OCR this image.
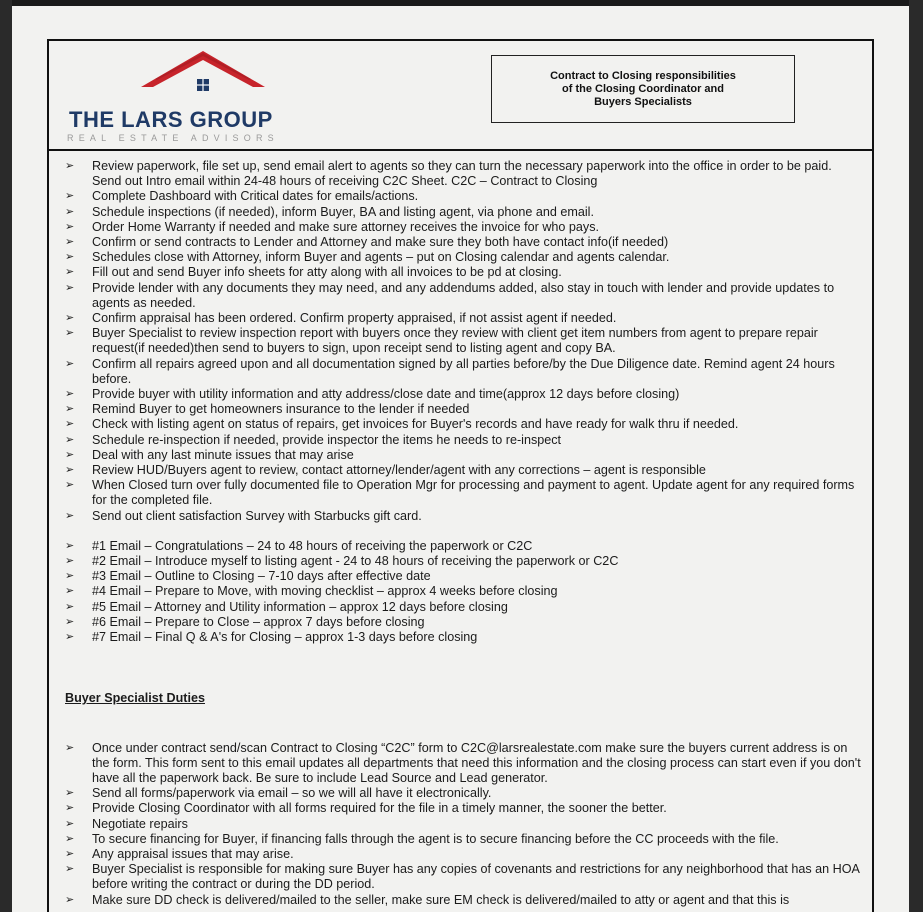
THE LARS GROUP
REAL ESTATE ADVISORS
Contract to Closing responsibilities
of the Closing Coordinator and
Buyers Specialists
➢ Review paperwork, file set up, send email alert to agents so they can turn the necessary paperwork into the office in order to be paid. Send out Intro email within 24-48 hours of receiving C2C Sheet. C2C – Contract to Closing
➢ Complete Dashboard with Critical dates for emails/actions.
➢ Schedule inspections (if needed), inform Buyer, BA and listing agent, via phone and email.
➢ Order Home Warranty if needed and make sure attorney receives the invoice for who pays.
➢ Confirm or send contracts to Lender and Attorney and make sure they both have contact info(if needed)
➢ Schedules close with Attorney, inform Buyer and agents – put on Closing calendar and agents calendar.
➢ Fill out and send Buyer info sheets for atty along with all invoices to be pd at closing.
➢ Provide lender with any documents they may need, and any addendums added, also stay in touch with lender and provide updates to agents as needed.
➢ Confirm appraisal has been ordered. Confirm property appraised, if not assist agent if needed.
➢ Buyer Specialist to review inspection report with buyers once they review with client get item numbers from agent to prepare repair request(if needed)then send to buyers to sign, upon receipt send to listing agent and copy BA.
➢ Confirm all repairs agreed upon and all documentation signed by all parties before/by the Due Diligence date. Remind agent 24 hours before.
➢ Provide buyer with utility information and atty address/close date and time(approx 12 days before closing)
➢ Remind Buyer to get homeowners insurance to the lender if needed
➢ Check with listing agent on status of repairs, get invoices for Buyer's records and have ready for walk thru if needed.
➢ Schedule re-inspection if needed, provide inspector the items he needs to re-inspect
➢ Deal with any last minute issues that may arise
➢ Review HUD/Buyers agent to review, contact attorney/lender/agent with any corrections – agent is responsible
➢ When Closed turn over fully documented file to Operation Mgr for processing and payment to agent. Update agent for any required forms for the completed file.
➢ Send out client satisfaction Survey with Starbucks gift card.
➢ #1 Email – Congratulations – 24 to 48 hours of receiving the paperwork or C2C
➢ #2 Email – Introduce myself to listing agent - 24 to 48 hours of receiving the paperwork or C2C
➢ #3 Email – Outline to Closing – 7-10 days after effective date
➢ #4 Email – Prepare to Move, with moving checklist – approx 4 weeks before closing
➢ #5 Email – Attorney and Utility information – approx 12 days before closing
➢ #6 Email – Prepare to Close – approx 7 days before closing
➢ #7 Email – Final Q & A's for Closing – approx 1-3 days before closing
Buyer Specialist Duties
➢ Once under contract send/scan Contract to Closing “C2C” form to C2C@larsrealestate.com make sure the buyers current address is on the form. This form sent to this email updates all departments that need this information and the closing process can start even if you don't have all the paperwork back. Be sure to include Lead Source and Lead generator.
➢ Send all forms/paperwork via email – so we will all have it electronically.
➢ Provide Closing Coordinator with all forms required for the file in a timely manner, the sooner the better.
➢ Negotiate repairs
➢ To secure financing for Buyer, if financing falls through the agent is to secure financing before the CC proceeds with the file.
➢ Any appraisal issues that may arise.
➢ Buyer Specialist is responsible for making sure Buyer has any copies of covenants and restrictions for any neighborhood that has an HOA before writing the contract or during the DD period.
➢ Make sure DD check is delivered/mailed to the seller, make sure EM check is delivered/mailed to atty or agent and that this is
